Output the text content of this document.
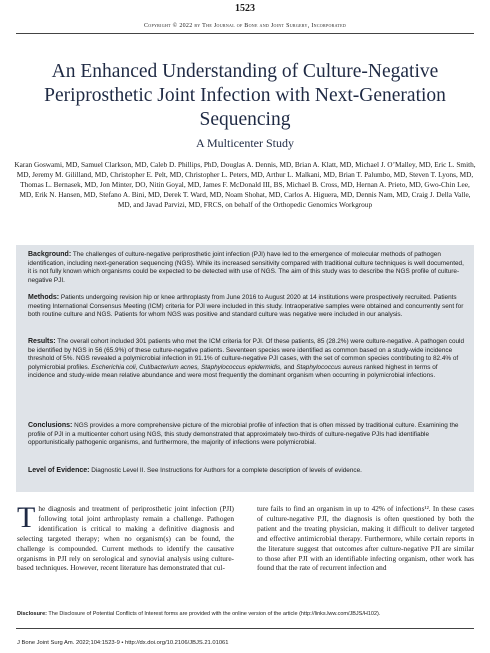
1523
Copyright © 2022 by The Journal of Bone and Joint Surgery, Incorporated
An Enhanced Understanding of Culture-Negative Periprosthetic Joint Infection with Next-Generation Sequencing
A Multicenter Study
Karan Goswami, MD, Samuel Clarkson, MD, Caleb D. Phillips, PhD, Douglas A. Dennis, MD, Brian A. Klatt, MD, Michael J. O’Malley, MD, Eric L. Smith, MD, Jeremy M. Gililland, MD, Christopher E. Pelt, MD, Christopher L. Peters, MD, Arthur L. Malkani, MD, Brian T. Palumbo, MD, Steven T. Lyons, MD, Thomas L. Bernasek, MD, Jon Minter, DO, Nitin Goyal, MD, James F. McDonald III, BS, Michael B. Cross, MD, Hernan A. Prieto, MD, Gwo-Chin Lee, MD, Erik N. Hansen, MD, Stefano A. Bini, MD, Derek T. Ward, MD, Noam Shohat, MD, Carlos A. Higuera, MD, Dennis Nam, MD, Craig J. Della Valle, MD, and Javad Parvizi, MD, FRCS, on behalf of the Orthopedic Genomics Workgroup
Background: The challenges of culture-negative periprosthetic joint infection (PJI) have led to the emergence of molecular methods of pathogen identification, including next-generation sequencing (NGS). While its increased sensitivity compared with traditional culture techniques is well documented, it is not fully known which organisms could be expected to be detected with use of NGS. The aim of this study was to describe the NGS profile of culture-negative PJI.
Methods: Patients undergoing revision hip or knee arthroplasty from June 2016 to August 2020 at 14 institutions were prospectively recruited. Patients meeting International Consensus Meeting (ICM) criteria for PJI were included in this study. Intraoperative samples were obtained and concurrently sent for both routine culture and NGS. Patients for whom NGS was positive and standard culture was negative were included in our analysis.
Results: The overall cohort included 301 patients who met the ICM criteria for PJI. Of these patients, 85 (28.2%) were culture-negative. A pathogen could be identified by NGS in 56 (65.9%) of these culture-negative patients. Seventeen species were identified as common based on a study-wide incidence threshold of 5%. NGS revealed a polymicrobial infection in 91.1% of culture-negative PJI cases, with the set of common species contributing to 82.4% of polymicrobial profiles. Escherichia coli, Cutibacterium acnes, Staphylococcus epidermidis, and Staphylococcus aureus ranked highest in terms of incidence and study-wide mean relative abundance and were most frequently the dominant organism when occurring in polymicrobial infections.
Conclusions: NGS provides a more comprehensive picture of the microbial profile of infection that is often missed by traditional culture. Examining the profile of PJI in a multicenter cohort using NGS, this study demonstrated that approximately two-thirds of culture-negative PJIs had identifiable opportunistically pathogenic organisms, and furthermore, the majority of infections were polymicrobial.
Level of Evidence: Diagnostic Level II. See Instructions for Authors for a complete description of levels of evidence.
The diagnosis and treatment of periprosthetic joint infection (PJI) following total joint arthroplasty remain a challenge. Pathogen identification is critical to making a definitive diagnosis and selecting targeted therapy; when no organism(s) can be found, the challenge is compounded. Current methods to identify the causative organisms in PJI rely on serological and synovial analysis using culture-based techniques. However, recent literature has demonstrated that cul-
ture fails to find an organism in up to 42% of infections¹². In these cases of culture-negative PJI, the diagnosis is often questioned by both the patient and the treating physician, making it difficult to deliver targeted and effective antimicrobial therapy. Furthermore, while certain reports in the literature suggest that outcomes after culture-negative PJI are similar to those after PJI with an identifiable infecting organism, other work has found that the rate of recurrent infection and
Disclosure: The Disclosure of Potential Conflicts of Interest forms are provided with the online version of the article (http://links.lww.com/JBJS/H102).
J Bone Joint Surg Am. 2022;104:1523-9 • http://dx.doi.org/10.2106/JBJS.21.01061
